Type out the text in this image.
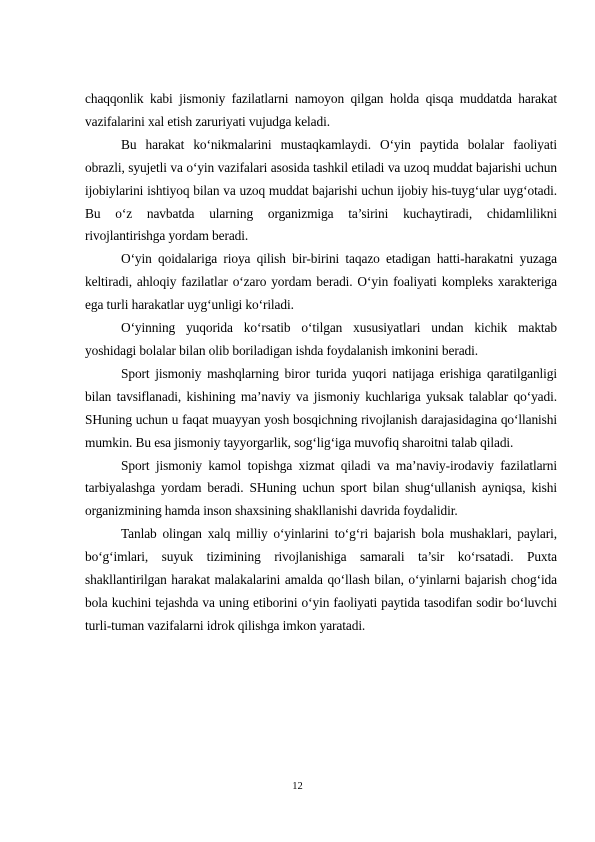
chaqqonlik kabi jismoniy fazilatlarni namoyon qilgan holda qisqa muddatda harakat vazifalarini xal etish zaruriyati vujudga keladi.

Bu harakat ko‘nikmalarini mustaqkamlaydi. O‘yin paytida bolalar faoliyati obrazli, syujetli va o‘yin vazifalari asosida tashkil etiladi va uzoq muddat bajarishi uchun ijobiylarini ishtiyoq bilan va uzoq muddat bajarishi uchun ijobiy his-tuyg‘ular uyg‘otadi. Bu o‘z navbatda ularning organizmiga ta’sirini kuchaytiradi, chidamlilikni rivojlantirishga yordam beradi.

O‘yin qoidalariga rioya qilish bir-birini taqazo etadigan hatti-harakatni yuzaga keltiradi, ahloqiy fazilatlar o‘zaro yordam beradi. O‘yin foaliyati kompleks xarakteriga ega turli harakatlar uyg‘unligi ko‘riladi.

O‘yinning yuqorida ko‘rsatib o‘tilgan xususiyatlari undan kichik maktab yoshidagi bolalar bilan olib boriladigan ishda foydalanish imkonini beradi.

Sport jismoniy mashqlarning biror turida yuqori natijaga erishiga qaratilganligi bilan tavsiflanadi, kishining ma’naviy va jismoniy kuchlariga yuksak talablar qo‘yadi. SHuning uchun u faqat muayyan yosh bosqichning rivojlanish darajasidagina qo‘llanishi mumkin. Bu esa jismoniy tayyorgarlik, sog‘lig‘iga muvofiq sharoitni talab qiladi.

Sport jismoniy kamol topishga xizmat qiladi va ma’naviy-irodaviy fazilatlarni tarbiyalashga yordam beradi. SHuning uchun sport bilan shug‘ullanish ayniqsa, kishi organizmining hamda inson shaxsining shakllanishi davrida foydalidir.

Tanlab olingan xalq milliy o‘yinlarini to‘g‘ri bajarish bola mushaklari, paylari, bo‘g‘imlari, suyuk tizimining rivojlanishiga samarali ta’sir ko‘rsatadi. Puxta shakllantirilgan harakat malakalarini amalda qo‘llash bilan, o‘yinlarni bajarish chog‘ida bola kuchini tejashda va uning etiborini o‘yin faoliyati paytida tasodifan sodir bo‘luvchi turli-tuman vazifalarni idrok qilishga imkon yaratadi.

12
